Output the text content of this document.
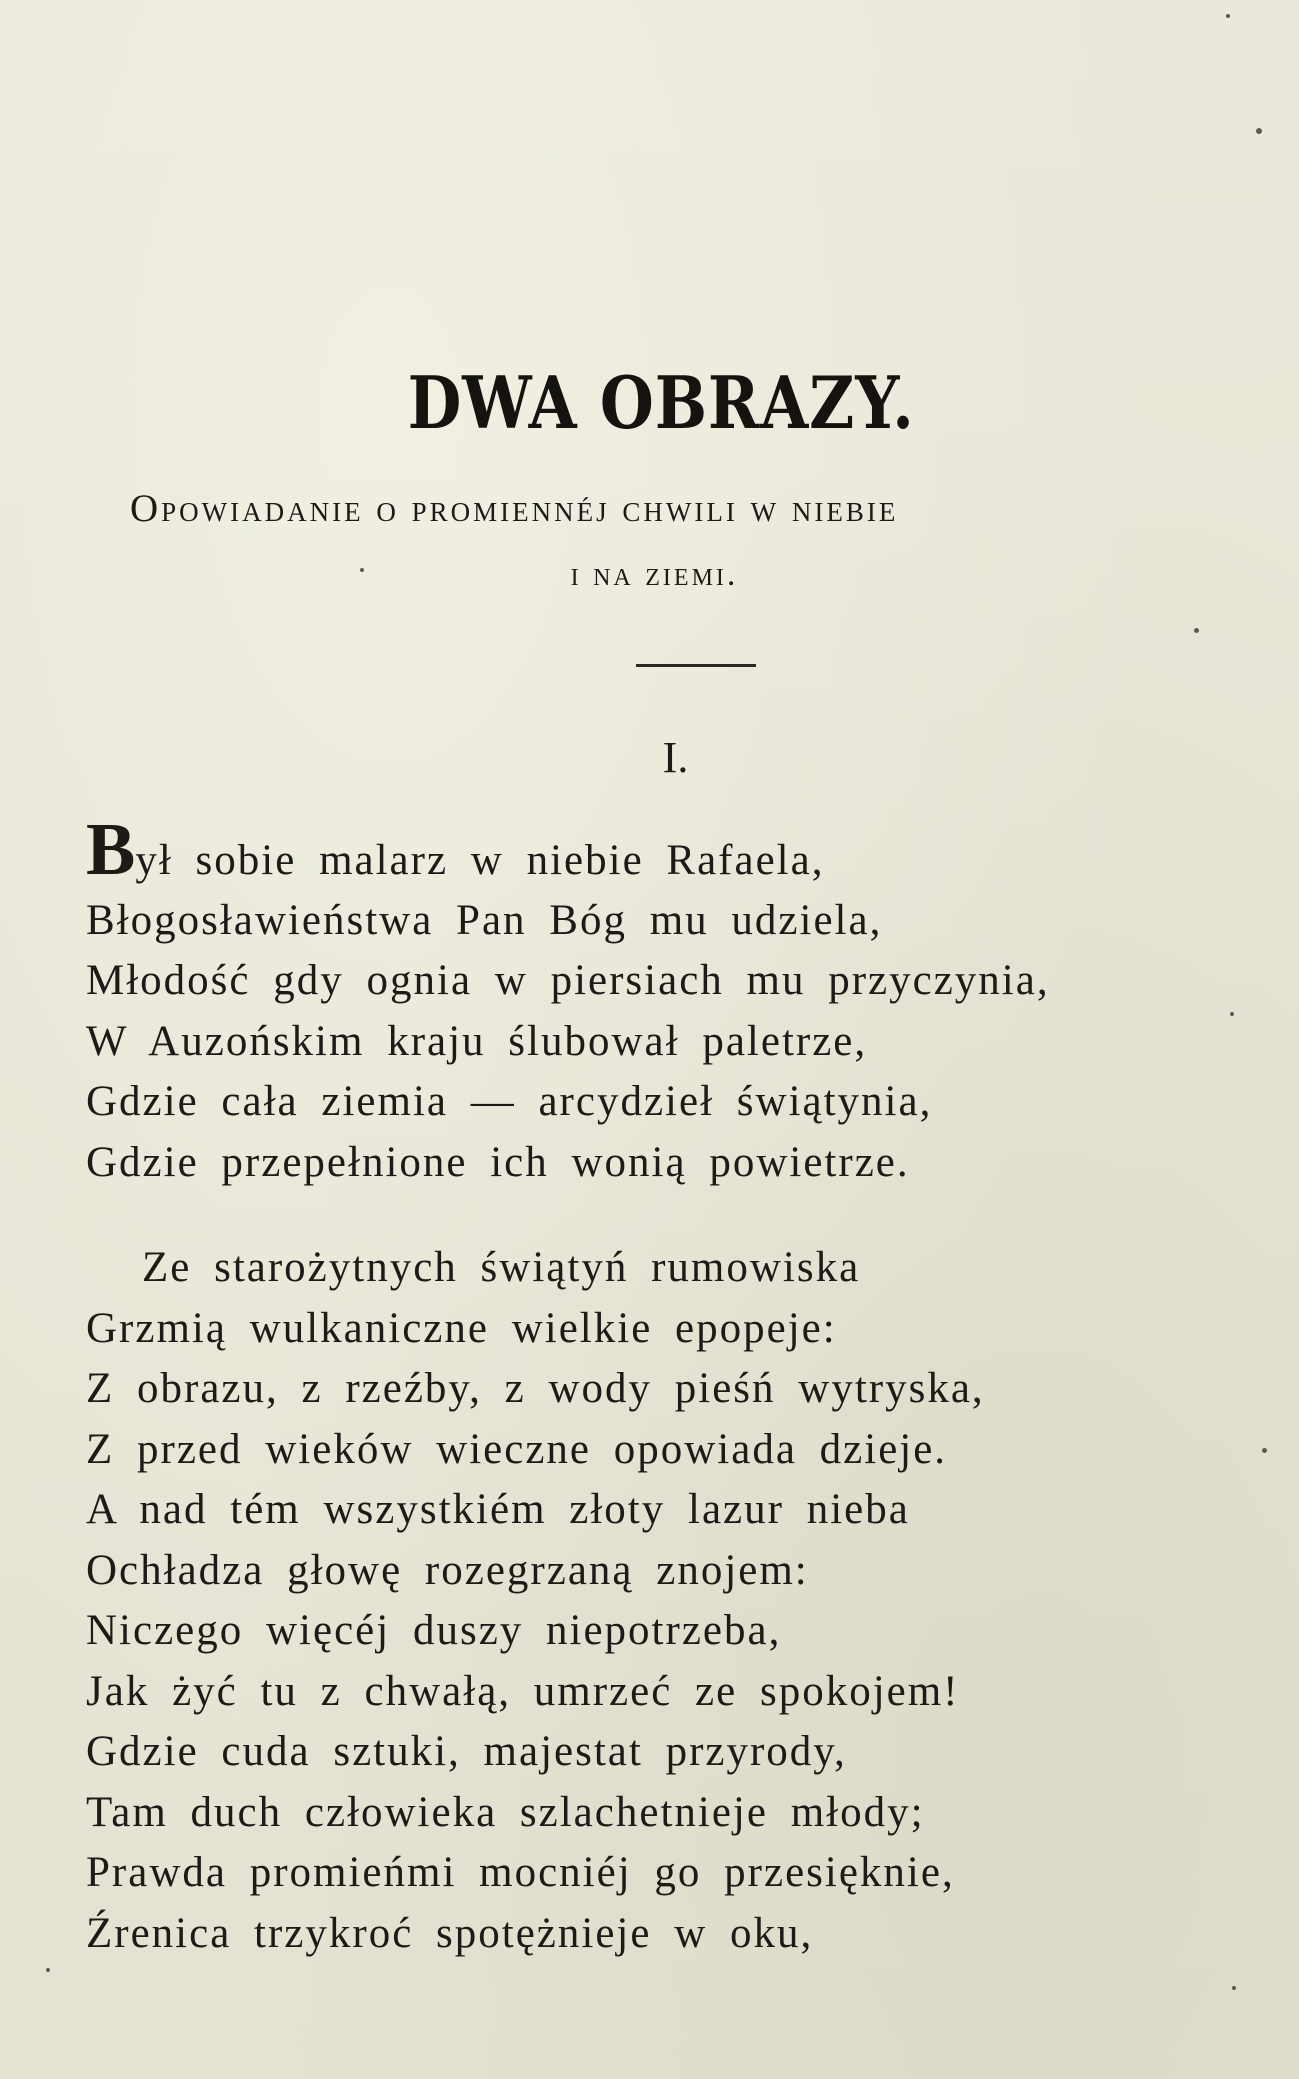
DWA OBRAZY.
Opowiadanie o promiennéj chwili w niebie
i na ziemi.
I.
Był sobie malarz w niebie Rafaela,
Błogosławieństwa Pan Bóg mu udziela,
Młodość gdy ognia w piersiach mu przyczynia,
W Auzońskim kraju ślubował paletrze,
Gdzie cała ziemia — arcydzieł świątynia,
Gdzie przepełnione ich wonią powietrze.
Ze starożytnych świątyń rumowiska
Grzmią wulkaniczne wielkie epopeje:
Z obrazu, z rzeźby, z wody pieśń wytryska,
Z przed wieków wieczne opowiada dzieje.
A nad tém wszystkiém złoty lazur nieba
Ochładza głowę rozegrzaną znojem:
Niczego więcéj duszy niepotrzeba,
Jak żyć tu z chwałą, umrzeć ze spokojem!
Gdzie cuda sztuki, majestat przyrody,
Tam duch człowieka szlachetnieje młody;
Prawda promieńmi mocniéj go przesięknie,
Źrenica trzykroć spotężnieje w oku,
